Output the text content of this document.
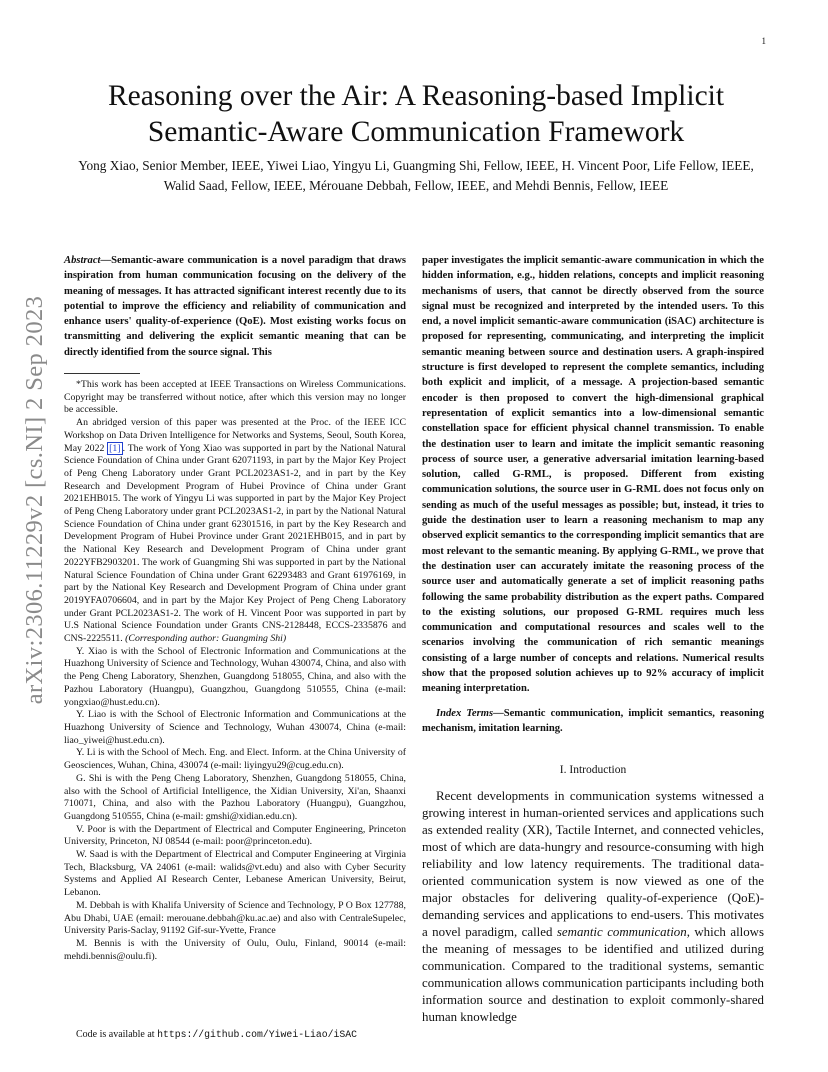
1
arXiv:2306.11229v2 [cs.NI] 2 Sep 2023
Reasoning over the Air: A Reasoning-based Implicit
Semantic-Aware Communication Framework
Yong Xiao, Senior Member, IEEE, Yiwei Liao, Yingyu Li, Guangming Shi, Fellow, IEEE, H. Vincent Poor, Life Fellow, IEEE, Walid Saad, Fellow, IEEE, Mérouane Debbah, Fellow, IEEE, and Mehdi Bennis, Fellow, IEEE
Abstract—Semantic-aware communication is a novel paradigm that draws inspiration from human communication focusing on the delivery of the meaning of messages. It has attracted significant interest recently due to its potential to improve the efficiency and reliability of communication and enhance users' quality-of-experience (QoE). Most existing works focus on transmitting and delivering the explicit semantic meaning that can be directly identified from the source signal. This

*This work has been accepted at IEEE Transactions on Wireless Communications. Copyright may be transferred without notice, after which this version may no longer be accessible.

An abridged version of this paper was presented at the Proc. of the IEEE ICC Workshop on Data Driven Intelligence for Networks and Systems, Seoul, South Korea, May 2022 [1] . The work of Yong Xiao was supported in part by the National Natural Science Foundation of China under Grant 62071193, in part by the Major Key Project of Peng Cheng Laboratory under Grant PCL2023AS1-2, and in part by the Key Research and Development Program of Hubei Province of China under Grant 2021EHB015. The work of Yingyu Li was supported in part by the Major Key Project of Peng Cheng Laboratory under grant PCL2023AS1-2, in part by the National Natural Science Foundation of China under grant 62301516, in part by the Key Research and Development Program of Hubei Province under Grant 2021EHB015, and in part by the National Key Research and Development Program of China under grant 2022YFB2903201. The work of Guangming Shi was supported in part by the National Natural Science Foundation of China under Grant 62293483 and Grant 61976169, in part by the National Key Research and Development Program of China under grant 2019YFA0706604, and in part by the Major Key Project of Peng Cheng Laboratory under Grant PCL2023AS1-2. The work of H. Vincent Poor was supported in part by U.S National Science Foundation under Grants CNS-2128448, ECCS-2335876 and CNS-2225511. (Corresponding author: Guangming Shi)

Y. Xiao is with the School of Electronic Information and Communications at the Huazhong University of Science and Technology, Wuhan 430074, China, and also with the Peng Cheng Laboratory, Shenzhen, Guangdong 518055, China, and also with the Pazhou Laboratory (Huangpu), Guangzhou, Guangdong 510555, China (e-mail: yongxiao@hust.edu.cn).

Y. Liao is with the School of Electronic Information and Communications at the Huazhong University of Science and Technology, Wuhan 430074, China (e-mail: liao_yiwei@hust.edu.cn).

Y. Li is with the School of Mech. Eng. and Elect. Inform. at the China University of Geosciences, Wuhan, China, 430074 (e-mail: liyingyu29@cug.edu.cn).

G. Shi is with the Peng Cheng Laboratory, Shenzhen, Guangdong 518055, China, also with the School of Artificial Intelligence, the Xidian University, Xi'an, Shaanxi 710071, China, and also with the Pazhou Laboratory (Huangpu), Guangzhou, Guangdong 510555, China (e-mail: gmshi@xidian.edu.cn).

V. Poor is with the Department of Electrical and Computer Engineering, Princeton University, Princeton, NJ 08544 (e-mail: poor@princeton.edu).

W. Saad is with the Department of Electrical and Computer Engineering at Virginia Tech, Blacksburg, VA 24061 (e-mail: walids@vt.edu) and also with Cyber Security Systems and Applied AI Research Center, Lebanese American University, Beirut, Lebanon.

M. Debbah is with Khalifa University of Science and Technology, P O Box 127788, Abu Dhabi, UAE (email: merouane.debbah@ku.ac.ae) and also with CentraleSupelec, University Paris-Saclay, 91192 Gif-sur-Yvette, France

M. Bennis is with the University of Oulu, Oulu, Finland, 90014 (e-mail: mehdi.bennis@oulu.fi).

Code is available at https://github.com/Yiwei-Liao/iSAC
paper investigates the implicit semantic-aware communication in which the hidden information, e.g., hidden relations, concepts and implicit reasoning mechanisms of users, that cannot be directly observed from the source signal must be recognized and interpreted by the intended users. To this end, a novel implicit semantic-aware communication (iSAC) architecture is proposed for representing, communicating, and interpreting the implicit semantic meaning between source and destination users. A graph-inspired structure is first developed to represent the complete semantics, including both explicit and implicit, of a message. A projection-based semantic encoder is then proposed to convert the high-dimensional graphical representation of explicit semantics into a low-dimensional semantic constellation space for efficient physical channel transmission. To enable the destination user to learn and imitate the implicit semantic reasoning process of source user, a generative adversarial imitation learning-based solution, called G-RML, is proposed. Different from existing communication solutions, the source user in G-RML does not focus only on sending as much of the useful messages as possible; but, instead, it tries to guide the destination user to learn a reasoning mechanism to map any observed explicit semantics to the corresponding implicit semantics that are most relevant to the semantic meaning. By applying G-RML, we prove that the destination user can accurately imitate the reasoning process of the source user and automatically generate a set of implicit reasoning paths following the same probability distribution as the expert paths. Compared to the existing solutions, our proposed G-RML requires much less communication and computational resources and scales well to the scenarios involving the communication of rich semantic meanings consisting of a large number of concepts and relations. Numerical results show that the proposed solution achieves up to 92% accuracy of implicit meaning interpretation.
Index Terms—Semantic communication, implicit semantics, reasoning mechanism, imitation learning.
I. Introduction
Recent developments in communication systems witnessed a growing interest in human-oriented services and applications such as extended reality (XR), Tactile Internet, and connected vehicles, most of which are data-hungry and resource-consuming with high reliability and low latency requirements. The traditional data-oriented communication system is now viewed as one of the major obstacles for delivering quality-of-experience (QoE)-demanding services and applications to end-users. This motivates a novel paradigm, called semantic communication, which allows the meaning of messages to be identified and utilized during communication. Compared to the traditional systems, semantic communication allows communication participants including both information source and destination to exploit commonly-shared human knowledge
